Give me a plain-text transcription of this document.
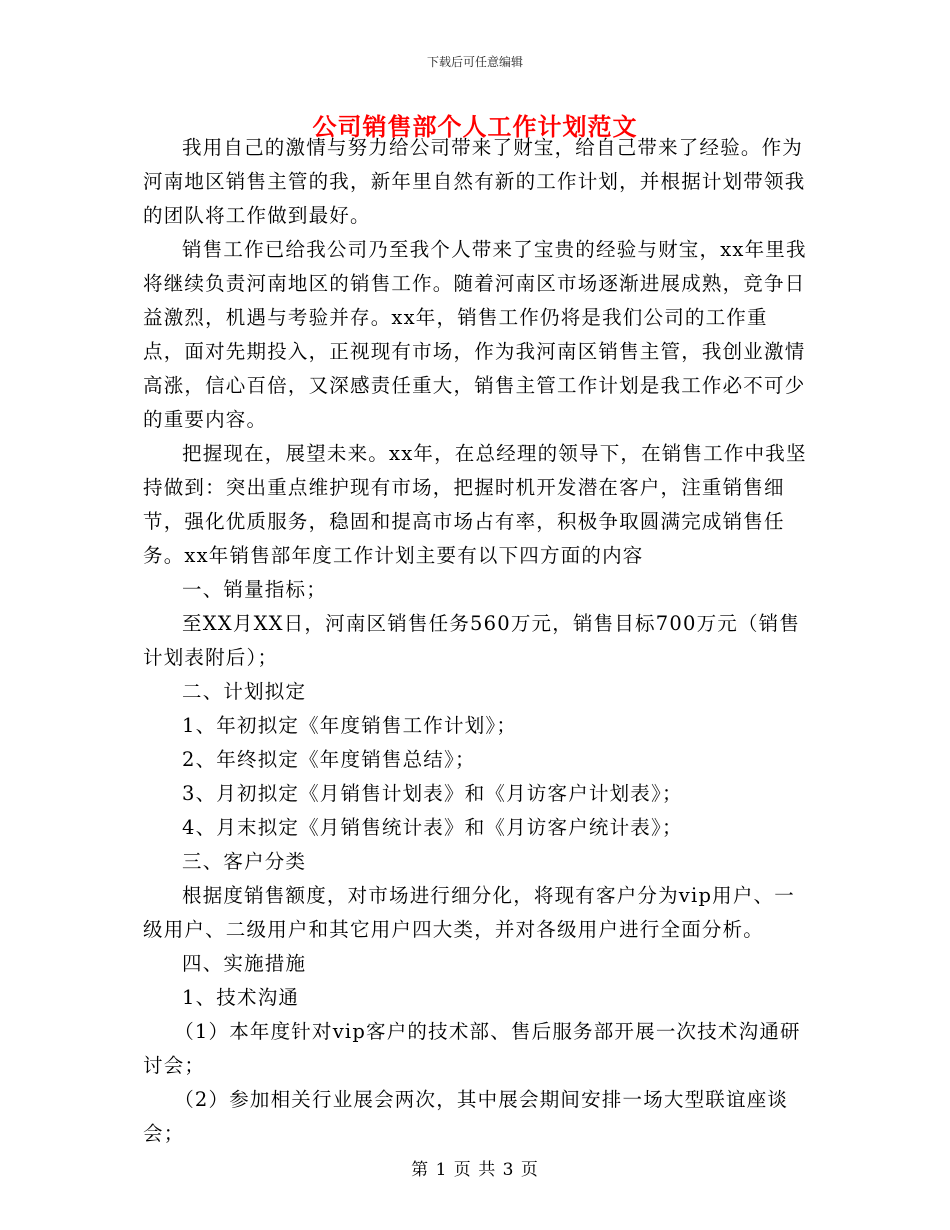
下载后可任意编辑
公司销售部个人工作计划范文

我用自己的激情与努力给公司带来了财宝，给自己带来了经验。作为河南地区销售主管的我，新年里自然有新的工作计划，并根据计划带领我的团队将工作做到最好。

销售工作已给我公司乃至我个人带来了宝贵的经验与财宝，xx年里我将继续负责河南地区的销售工作。随着河南区市场逐渐进展成熟，竞争日益激烈，机遇与考验并存。xx年，销售工作仍将是我们公司的工作重点，面对先期投入，正视现有市场，作为我河南区销售主管，我创业激情高涨，信心百倍，又深感责任重大，销售主管工作计划是我工作必不可少的重要内容。

把握现在，展望未来。xx年，在总经理的领导下，在销售工作中我坚持做到：突出重点维护现有市场，把握时机开发潜在客户，注重销售细节，强化优质服务，稳固和提高市场占有率，积极争取圆满完成销售任务。xx年销售部年度工作计划主要有以下四方面的内容

一、销量指标；

至XX月XX日，河南区销售任务560万元，销售目标700万元（销售计划表附后）；

二、计划拟定

1、年初拟定《年度销售工作计划》；

2、年终拟定《年度销售总结》；

3、月初拟定《月销售计划表》和《月访客户计划表》；

4、月末拟定《月销售统计表》和《月访客户统计表》；

三、客户分类

根据度销售额度，对市场进行细分化，将现有客户分为vip用户、一级用户、二级用户和其它用户四大类，并对各级用户进行全面分析。

四、实施措施

1、技术沟通

（1）本年度针对vip客户的技术部、售后服务部开展一次技术沟通研讨会；

（2）参加相关行业展会两次，其中展会期间安排一场大型联谊座谈会；

第 1 页 共 3 页
